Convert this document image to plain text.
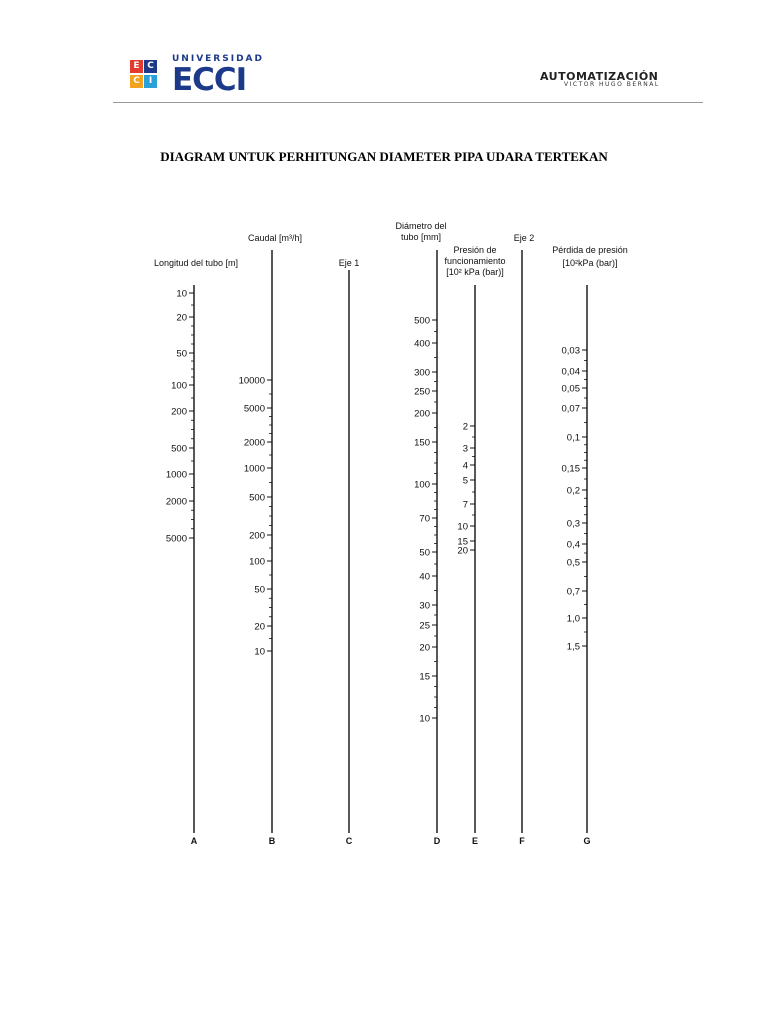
E C
C	I
UNIVERSIDAD
ECCI	AUTOMATIZACIÓN
VICTOR HUGO BERNAL
DIAGRAM UNTUK PERHITUNGAN DIAMETER PIPA UDARA TERTEKAN
Longitud del tubo [m]
A
10
20
50
100
200
500
1000
2000
5000
Caudal [m³/h]
B
10000
5000
2000
1000
500
200
100
50
20
10
Eje 1
C
Diámetro del
tubo [mm]
D
500
400
300
250
200
150
100
70
50
40
30
25
20
15
10
Presión de
funcionamiento
[10² kPa (bar)]
E
2
3
4
5
7
10
15
20
Eje 2
F
Pérdida de presión
[10²kPa (bar)]
G
0,03
0,04
0,05
0,07
0,1
0,15
0,2
0,3
0,4
0,5
0,7
1,0
1,5
